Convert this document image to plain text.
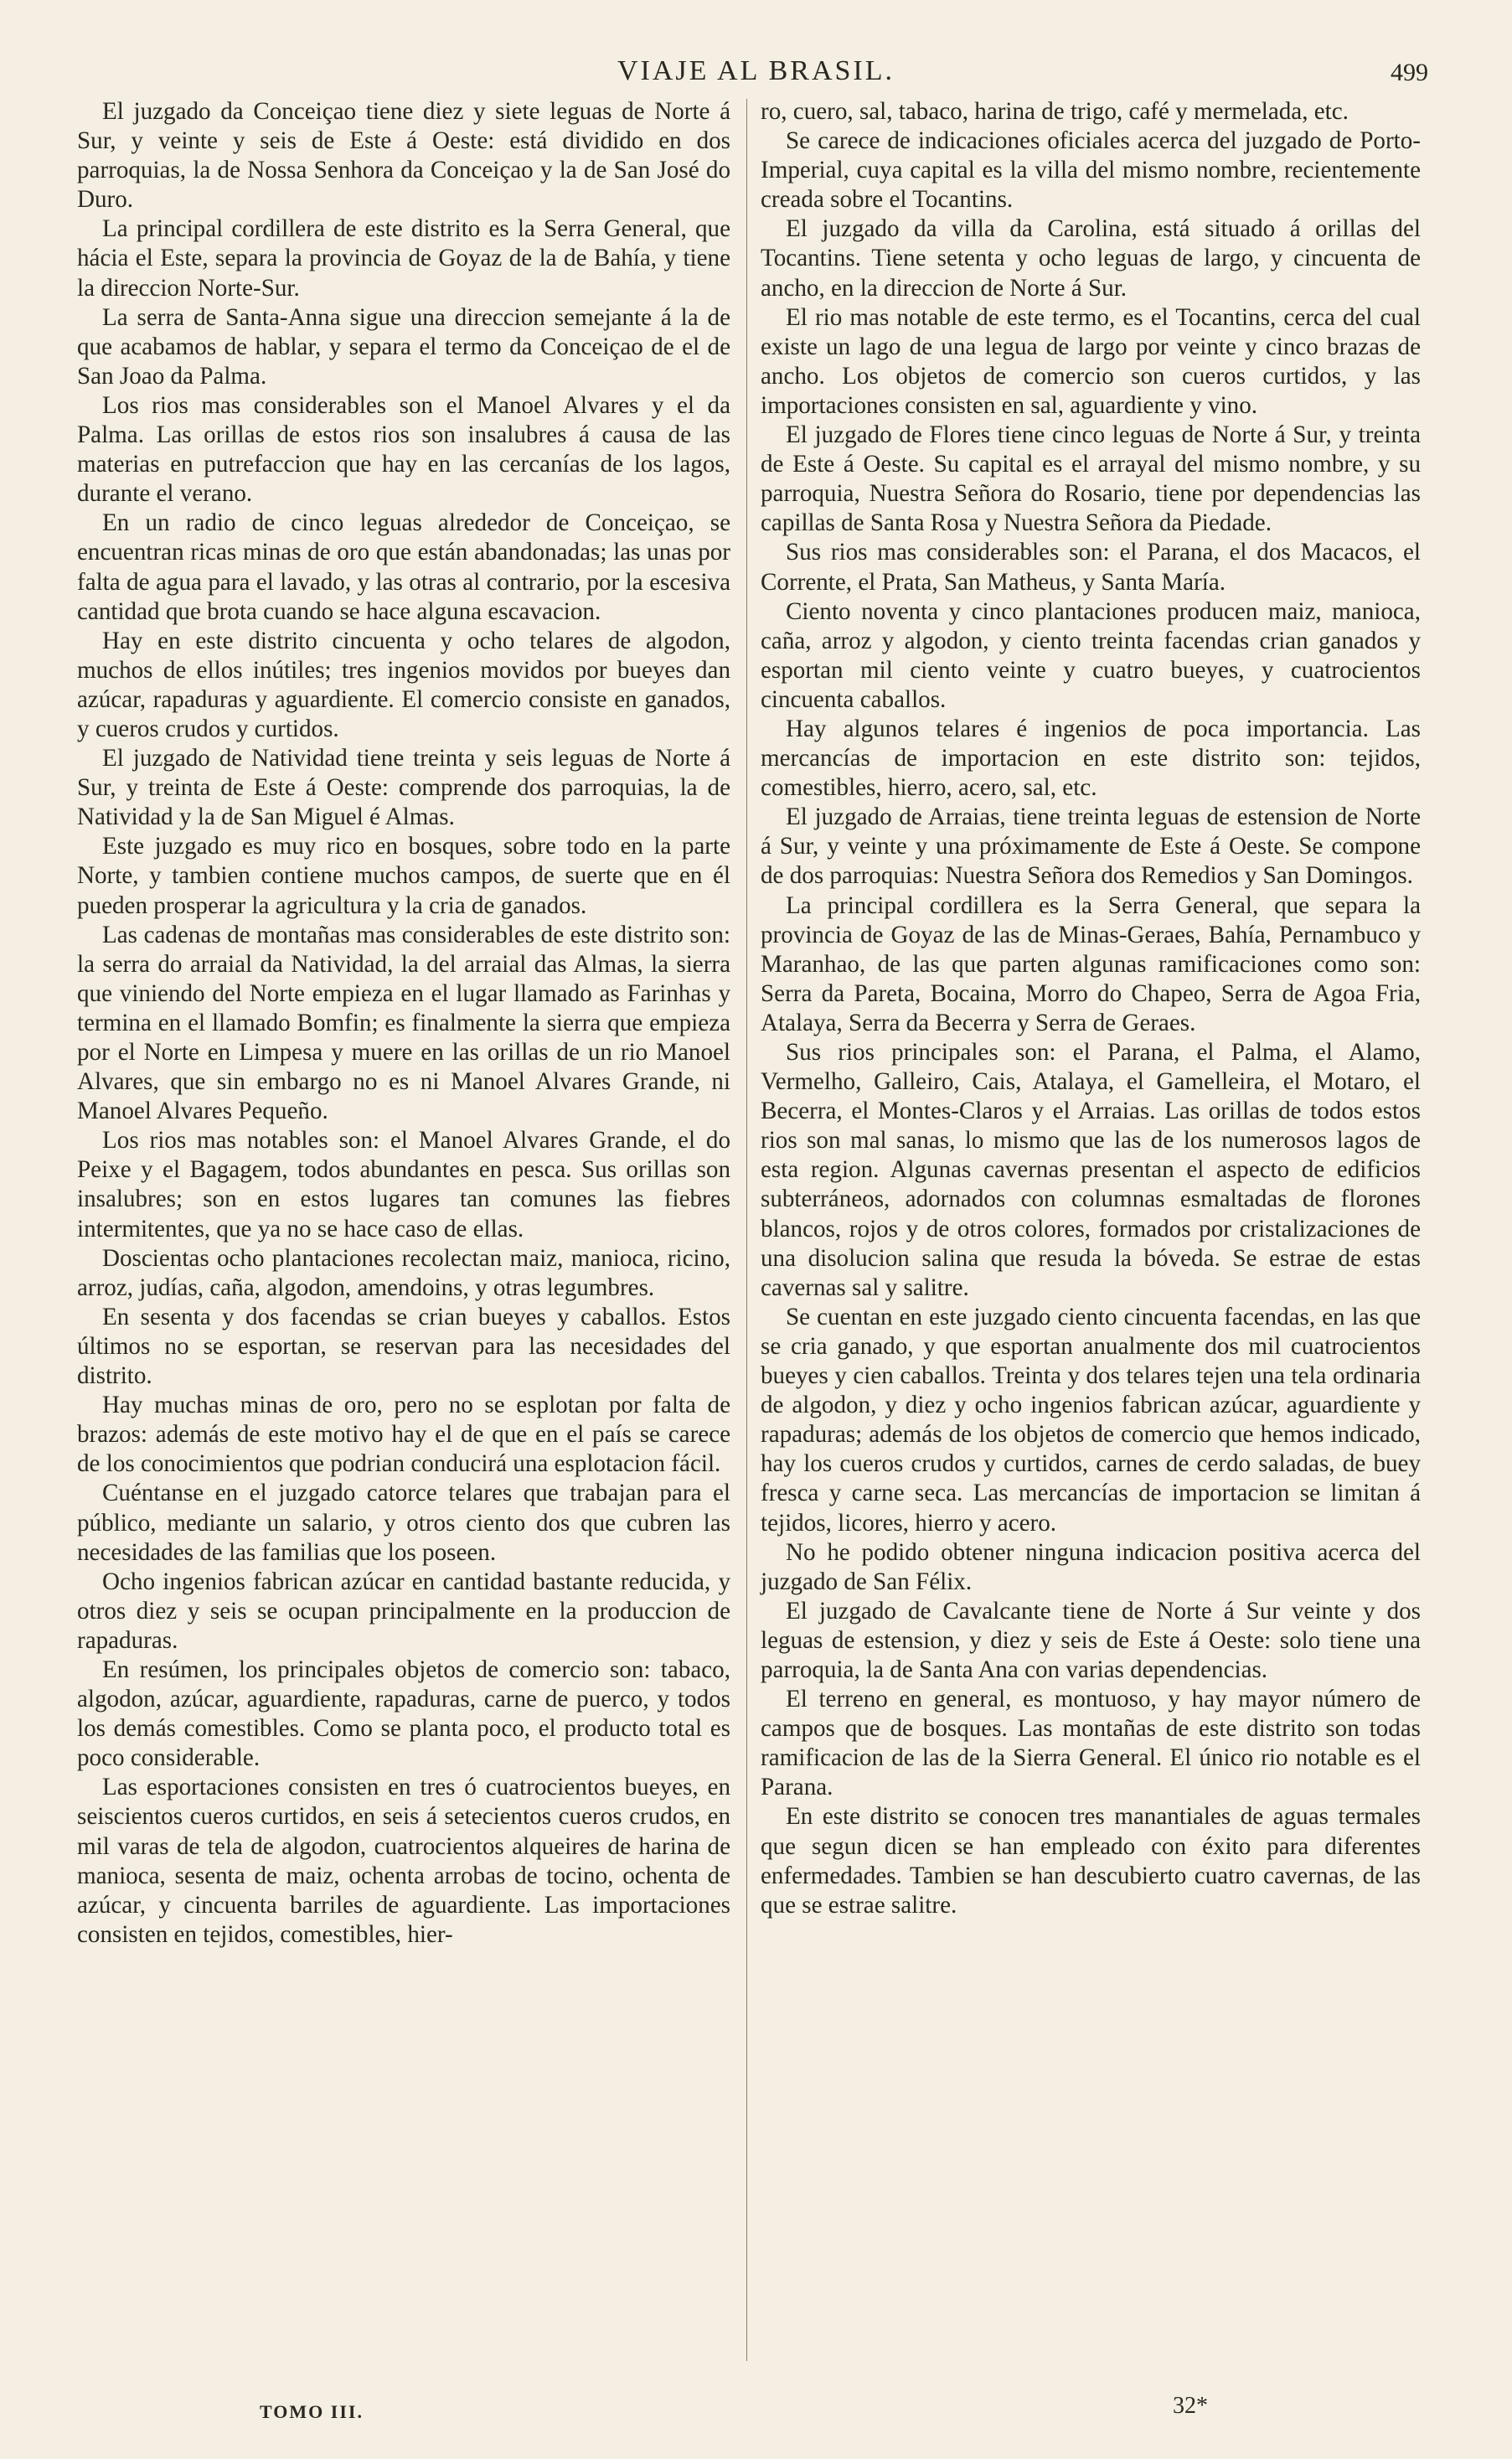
VIAJE AL BRASIL.	499

El juzgado da Conceiçao tiene diez y siete leguas de Norte á Sur, y veinte y seis de Este á Oeste: está dividido en dos parroquias, la de Nossa Senhora da Conceiçao y la de San José do Duro.

La principal cordillera de este distrito es la Serra General, que hácia el Este, separa la provincia de Goyaz de la de Bahía, y tiene la direccion Norte-Sur.

La serra de Santa-Anna sigue una direccion semejante á la de que acabamos de hablar, y separa el termo da Conceiçao de el de San Joao da Palma.

Los rios mas considerables son el Manoel Alvares y el da Palma. Las orillas de estos rios son insalubres á causa de las materias en putrefaccion que hay en las cercanías de los lagos, durante el verano.

En un radio de cinco leguas alrededor de Conceiçao, se encuentran ricas minas de oro que están abandonadas; las unas por falta de agua para el lavado, y las otras al contrario, por la escesiva cantidad que brota cuando se hace alguna escavacion.

Hay en este distrito cincuenta y ocho telares de algodon, muchos de ellos inútiles; tres ingenios movidos por bueyes dan azúcar, rapaduras y aguardiente. El comercio consiste en ganados, y cueros crudos y curtidos.

El juzgado de Natividad tiene treinta y seis leguas de Norte á Sur, y treinta de Este á Oeste: comprende dos parroquias, la de Natividad y la de San Miguel é Almas.

Este juzgado es muy rico en bosques, sobre todo en la parte Norte, y tambien contiene muchos campos, de suerte que en él pueden prosperar la agricultura y la cria de ganados.

Las cadenas de montañas mas considerables de este distrito son: la serra do arraial da Natividad, la del arraial das Almas, la sierra que viniendo del Norte empieza en el lugar llamado as Farinhas y termina en el llamado Bomfin; es finalmente la sierra que empieza por el Norte en Limpesa y muere en las orillas de un rio Manoel Alvares, que sin embargo no es ni Manoel Alvares Grande, ni Manoel Alvares Pequeño.

Los rios mas notables son: el Manoel Alvares Grande, el do Peixe y el Bagagem, todos abundantes en pesca. Sus orillas son insalubres; son en estos lugares tan comunes las fiebres intermitentes, que ya no se hace caso de ellas.

Doscientas ocho plantaciones recolectan maiz, manioca, ricino, arroz, judías, caña, algodon, amendoins, y otras legumbres.

En sesenta y dos facendas se crian bueyes y caballos. Estos últimos no se esportan, se reservan para las necesidades del distrito.

Hay muchas minas de oro, pero no se esplotan por falta de brazos: además de este motivo hay el de que en el país se carece de los conocimientos que podrian conducirá una esplotacion fácil.

Cuéntanse en el juzgado catorce telares que trabajan para el público, mediante un salario, y otros ciento dos que cubren las necesidades de las familias que los poseen.

Ocho ingenios fabrican azúcar en cantidad bastante reducida, y otros diez y seis se ocupan principalmente en la produccion de rapaduras.

En resúmen, los principales objetos de comercio son: tabaco, algodon, azúcar, aguardiente, rapaduras, carne de puerco, y todos los demás comestibles. Como se planta poco, el producto total es poco considerable.

Las esportaciones consisten en tres ó cuatrocientos bueyes, en seiscientos cueros curtidos, en seis á setecientos cueros crudos, en mil varas de tela de algodon, cuatrocientos alqueires de harina de manioca, sesenta de maiz, ochenta arrobas de tocino, ochenta de azúcar, y cincuenta barriles de aguardiente. Las importaciones consisten en tejidos, comestibles, hier-

ro, cuero, sal, tabaco, harina de trigo, café y mermelada, etc.

Se carece de indicaciones oficiales acerca del juzgado de Porto-Imperial, cuya capital es la villa del mismo nombre, recientemente creada sobre el Tocantins.

El juzgado da villa da Carolina, está situado á orillas del Tocantins. Tiene setenta y ocho leguas de largo, y cincuenta de ancho, en la direccion de Norte á Sur.

El rio mas notable de este termo, es el Tocantins, cerca del cual existe un lago de una legua de largo por veinte y cinco brazas de ancho. Los objetos de comercio son cueros curtidos, y las importaciones consisten en sal, aguardiente y vino.

El juzgado de Flores tiene cinco leguas de Norte á Sur, y treinta de Este á Oeste. Su capital es el arrayal del mismo nombre, y su parroquia, Nuestra Señora do Rosario, tiene por dependencias las capillas de Santa Rosa y Nuestra Señora da Piedade.

Sus rios mas considerables son: el Parana, el dos Macacos, el Corrente, el Prata, San Matheus, y Santa María.

Ciento noventa y cinco plantaciones producen maiz, manioca, caña, arroz y algodon, y ciento treinta facendas crian ganados y esportan mil ciento veinte y cuatro bueyes, y cuatrocientos cincuenta caballos.

Hay algunos telares é ingenios de poca importancia. Las mercancías de importacion en este distrito son: tejidos, comestibles, hierro, acero, sal, etc.

El juzgado de Arraias, tiene treinta leguas de estension de Norte á Sur, y veinte y una próximamente de Este á Oeste. Se compone de dos parroquias: Nuestra Señora dos Remedios y San Domingos.

La principal cordillera es la Serra General, que separa la provincia de Goyaz de las de Minas-Geraes, Bahía, Pernambuco y Maranhao, de las que parten algunas ramificaciones como son: Serra da Pareta, Bocaina, Morro do Chapeo, Serra de Agoa Fria, Atalaya, Serra da Becerra y Serra de Geraes.

Sus rios principales son: el Parana, el Palma, el Alamo, Vermelho, Galleiro, Cais, Atalaya, el Gamelleira, el Motaro, el Becerra, el Montes-Claros y el Arraias. Las orillas de todos estos rios son mal sanas, lo mismo que las de los numerosos lagos de esta region. Algunas cavernas presentan el aspecto de edificios subterráneos, adornados con columnas esmaltadas de florones blancos, rojos y de otros colores, formados por cristalizaciones de una disolucion salina que resuda la bóveda. Se estrae de estas cavernas sal y salitre.

Se cuentan en este juzgado ciento cincuenta facendas, en las que se cria ganado, y que esportan anualmente dos mil cuatrocientos bueyes y cien caballos. Treinta y dos telares tejen una tela ordinaria de algodon, y diez y ocho ingenios fabrican azúcar, aguardiente y rapaduras; además de los objetos de comercio que hemos indicado, hay los cueros crudos y curtidos, carnes de cerdo saladas, de buey fresca y carne seca. Las mercancías de importacion se limitan á tejidos, licores, hierro y acero.

No he podido obtener ninguna indicacion positiva acerca del juzgado de San Félix.

El juzgado de Cavalcante tiene de Norte á Sur veinte y dos leguas de estension, y diez y seis de Este á Oeste: solo tiene una parroquia, la de Santa Ana con varias dependencias.

El terreno en general, es montuoso, y hay mayor número de campos que de bosques. Las montañas de este distrito son todas ramificacion de las de la Sierra General. El único rio notable es el Parana.

En este distrito se conocen tres manantiales de aguas termales que segun dicen se han empleado con éxito para diferentes enfermedades. Tambien se han descubierto cuatro cavernas, de las que se estrae salitre.

TOMO III.	32*
